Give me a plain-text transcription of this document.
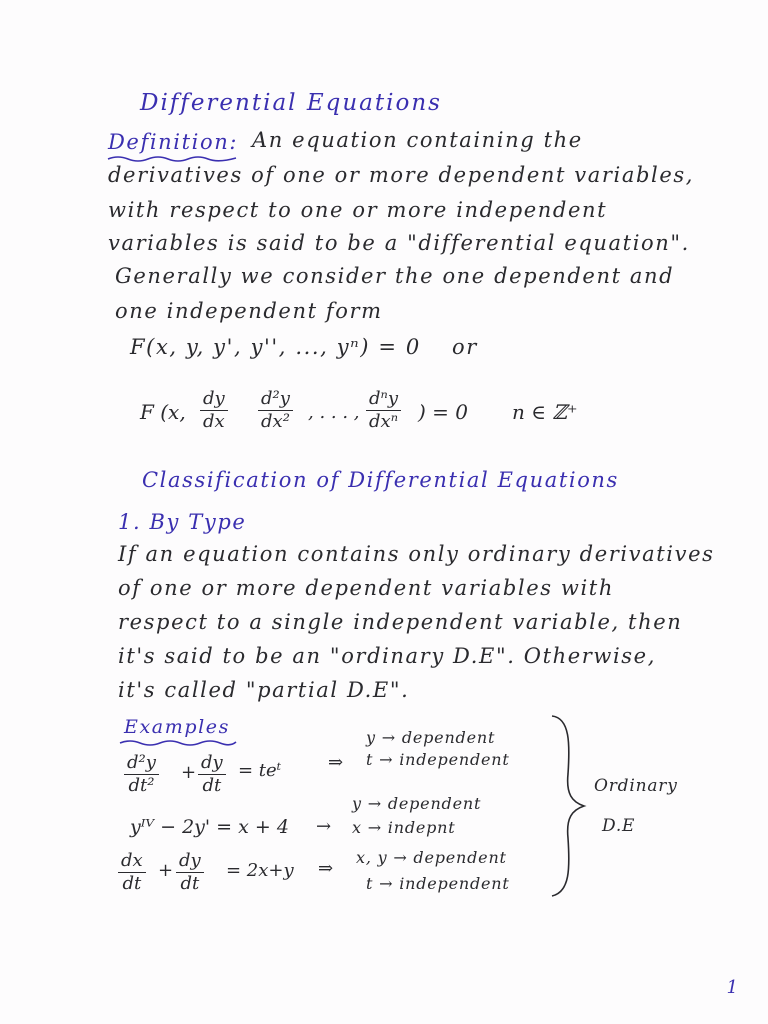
Differential Equations
Definition: An equation containing the
derivatives of one or more dependent variables,
with respect to one or more independent
variables is said to be a "differential equation".
Generally we consider the one dependent and
one independent form
F(x, y, y', y'', ..., yⁿ) = 0 or
F (x, $\frac{dy}{dx} \frac{\text{d²y}}{\text{dx²}}$ , . . . ,
dⁿy
dxⁿ ) = 0 n ∈ ℤ⁺
Classification of Differential Equations
1. By Type
If an equation contains only ordinary derivatives
of one or more dependent variables with
respect to a single independent variable, then
it's said to be an "ordinary D.E". Otherwise,
it's called "partial D.E".
Examples
$\frac{\text{d²y}}{\text{dt²}} + \frac{dy}{dt}$ = teᵗ	⇒
y → dependent
t → independent
yᴵⱽ − 2y' = x + 4 →
y → dependent
x → indepnt
$\frac{dx}{dt} + \frac{dy}{dt} = 2x+y$ ⇒
x, y → dependent
t → independent
Ordinary
D.E
1
